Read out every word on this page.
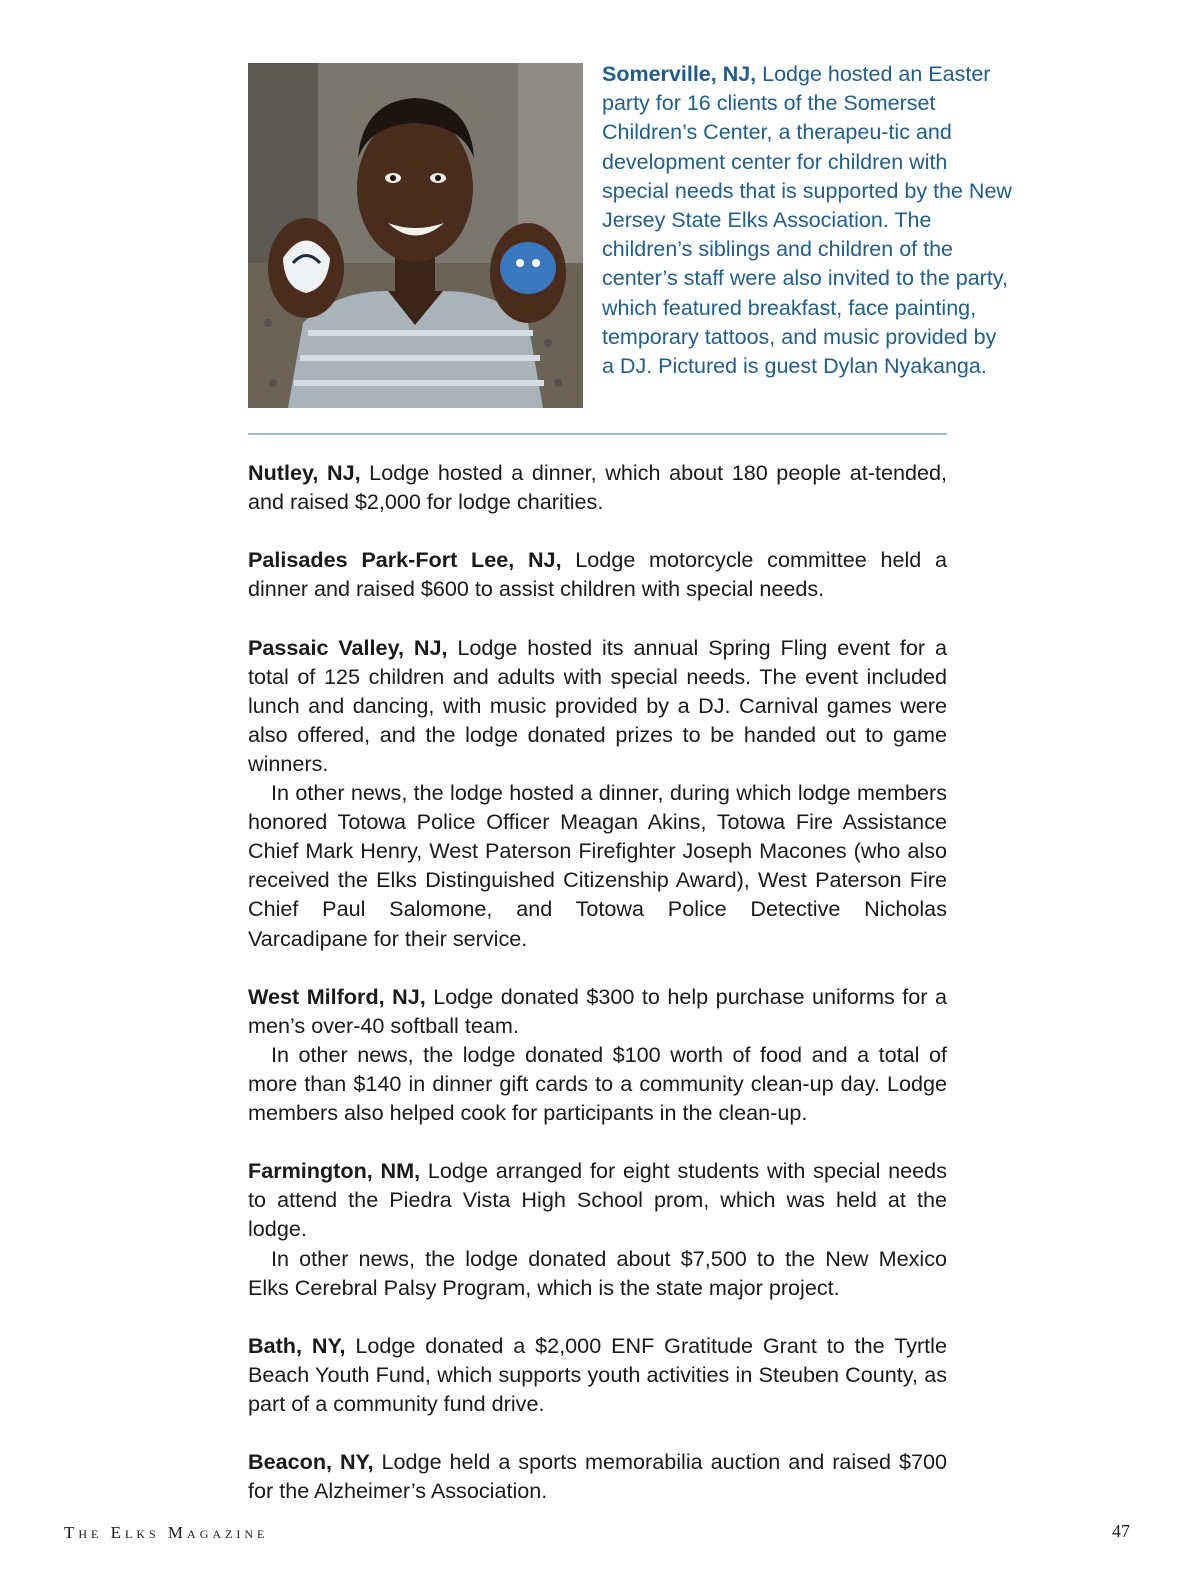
Somerville, NJ, Lodge hosted an Easter party for 16 clients of the Somerset Children’s Center, a therapeu-tic and development center for children with special needs that is supported by the New Jersey State Elks Association. The children’s siblings and children of the center’s staff were also invited to the party, which featured breakfast, face painting, temporary tattoos, and music provided by a DJ. Pictured is guest Dylan Nyakanga.

Nutley, NJ, Lodge hosted a dinner, which about 180 people at-tended, and raised $2,000 for lodge charities.

Palisades Park-Fort Lee, NJ, Lodge motorcycle committee held a dinner and raised $600 to assist children with special needs.

Passaic Valley, NJ, Lodge hosted its annual Spring Fling event for a total of 125 children and adults with special needs. The event included lunch and dancing, with music provided by a DJ. Carnival games were also offered, and the lodge donated prizes to be handed out to game winners.

In other news, the lodge hosted a dinner, during which lodge members honored Totowa Police Officer Meagan Akins, Totowa Fire Assistance Chief Mark Henry, West Paterson Firefighter Joseph Macones (who also received the Elks Distinguished Citizenship Award), West Paterson Fire Chief Paul Salomone, and Totowa Police Detective Nicholas Varcadipane for their service.

West Milford, NJ, Lodge donated $300 to help purchase uniforms for a men’s over-40 softball team.

In other news, the lodge donated $100 worth of food and a total of more than $140 in dinner gift cards to a community clean-up day. Lodge members also helped cook for participants in the clean-up.

Farmington, NM, Lodge arranged for eight students with special needs to attend the Piedra Vista High School prom, which was held at the lodge.

In other news, the lodge donated about $7,500 to the New Mexico Elks Cerebral Palsy Program, which is the state major project.

Bath, NY, Lodge donated a $2,000 ENF Gratitude Grant to the Tyrtle Beach Youth Fund, which supports youth activities in Steuben County, as part of a community fund drive.

Beacon, NY, Lodge held a sports memorabilia auction and raised $700 for the Alzheimer’s Association.

The Elks Magazine	47
